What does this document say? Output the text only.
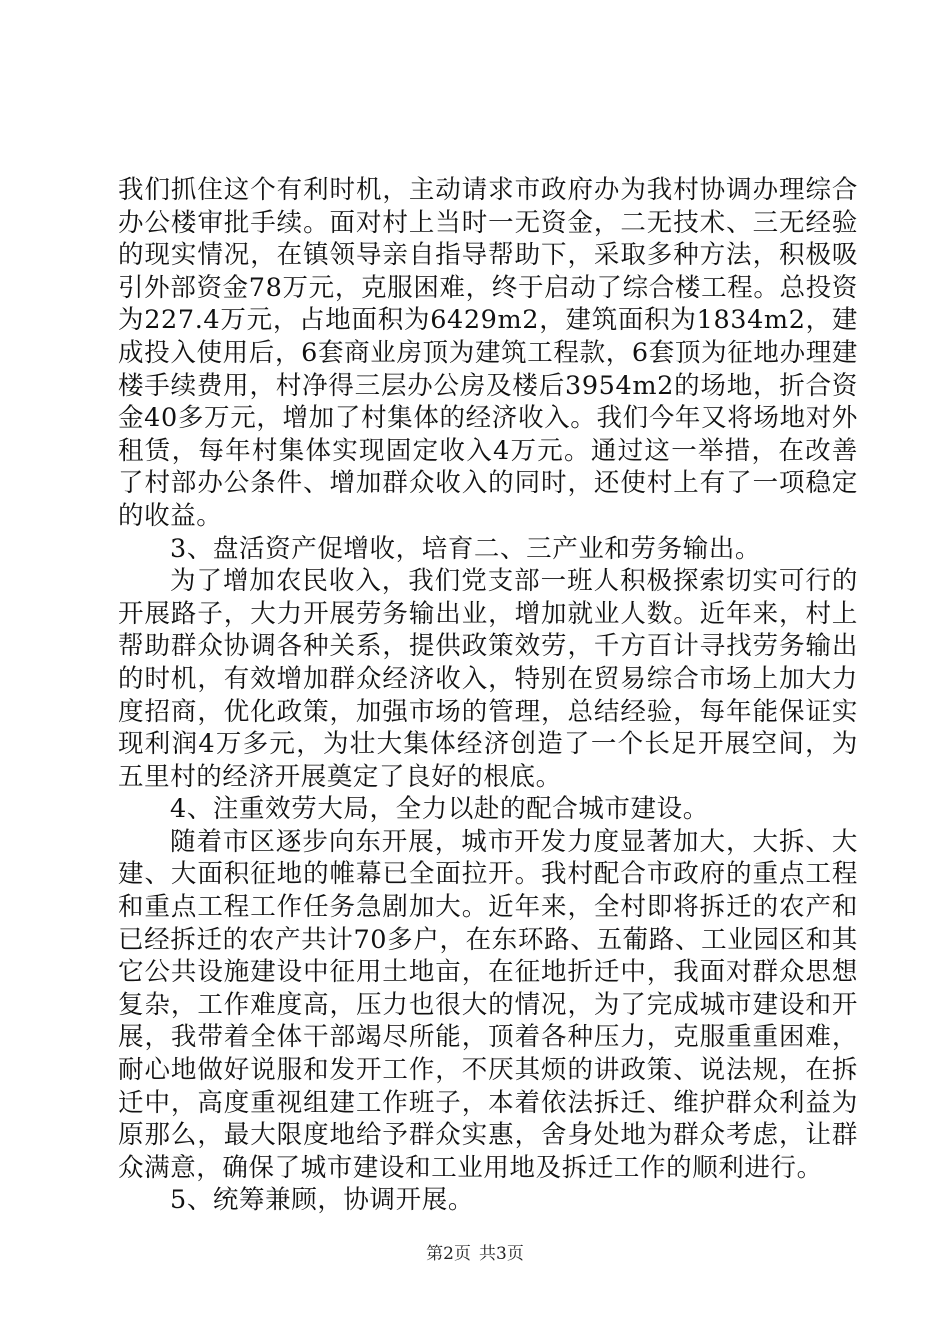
我们抓住这个有利时机，主动请求市政府办为我村协调办理综合办公楼审批手续。面对村上当时一无资金，二无技术、三无经验的现实情况，在镇领导亲自指导帮助下，采取多种方法，积极吸引外部资金78万元，克服困难，终于启动了综合楼工程。总投资为227.4万元，占地面积为6429m2，建筑面积为1834m2，建成投入使用后，6套商业房顶为建筑工程款，6套顶为征地办理建楼手续费用，村净得三层办公房及楼后3954m2的场地，折合资金40多万元，增加了村集体的经济收入。我们今年又将场地对外租赁，每年村集体实现固定收入4万元。通过这一举措，在改善了村部办公条件、增加群众收入的同时，还使村上有了一项稳定的收益。

3、盘活资产促增收，培育二、三产业和劳务输出。

为了增加农民收入，我们党支部一班人积极探索切实可行的开展路子，大力开展劳务输出业，增加就业人数。近年来，村上帮助群众协调各种关系，提供政策效劳，千方百计寻找劳务输出的时机，有效增加群众经济收入，特别在贸易综合市场上加大力度招商，优化政策，加强市场的管理，总结经验，每年能保证实现利润4万多元，为壮大集体经济创造了一个长足开展空间，为五里村的经济开展奠定了良好的根底。

4、注重效劳大局，全力以赴的配合城市建设。

随着市区逐步向东开展，城市开发力度显著加大，大拆、大建、大面积征地的帷幕已全面拉开。我村配合市政府的重点工程和重点工程工作任务急剧加大。近年来，全村即将拆迁的农产和已经拆迁的农产共计70多户，在东环路、五葡路、工业园区和其它公共设施建设中征用土地亩，在征地折迁中，我面对群众思想复杂，工作难度高，压力也很大的情况，为了完成城市建设和开展，我带着全体干部竭尽所能，顶着各种压力，克服重重困难，耐心地做好说服和发开工作，不厌其烦的讲政策、说法规，在拆迁中，高度重视组建工作班子，本着依法拆迁、维护群众利益为原那么，最大限度地给予群众实惠，舍身处地为群众考虑，让群众满意，确保了城市建设和工业用地及拆迁工作的顺利进行。

5、统筹兼顾，协调开展。

第2页 共3页
